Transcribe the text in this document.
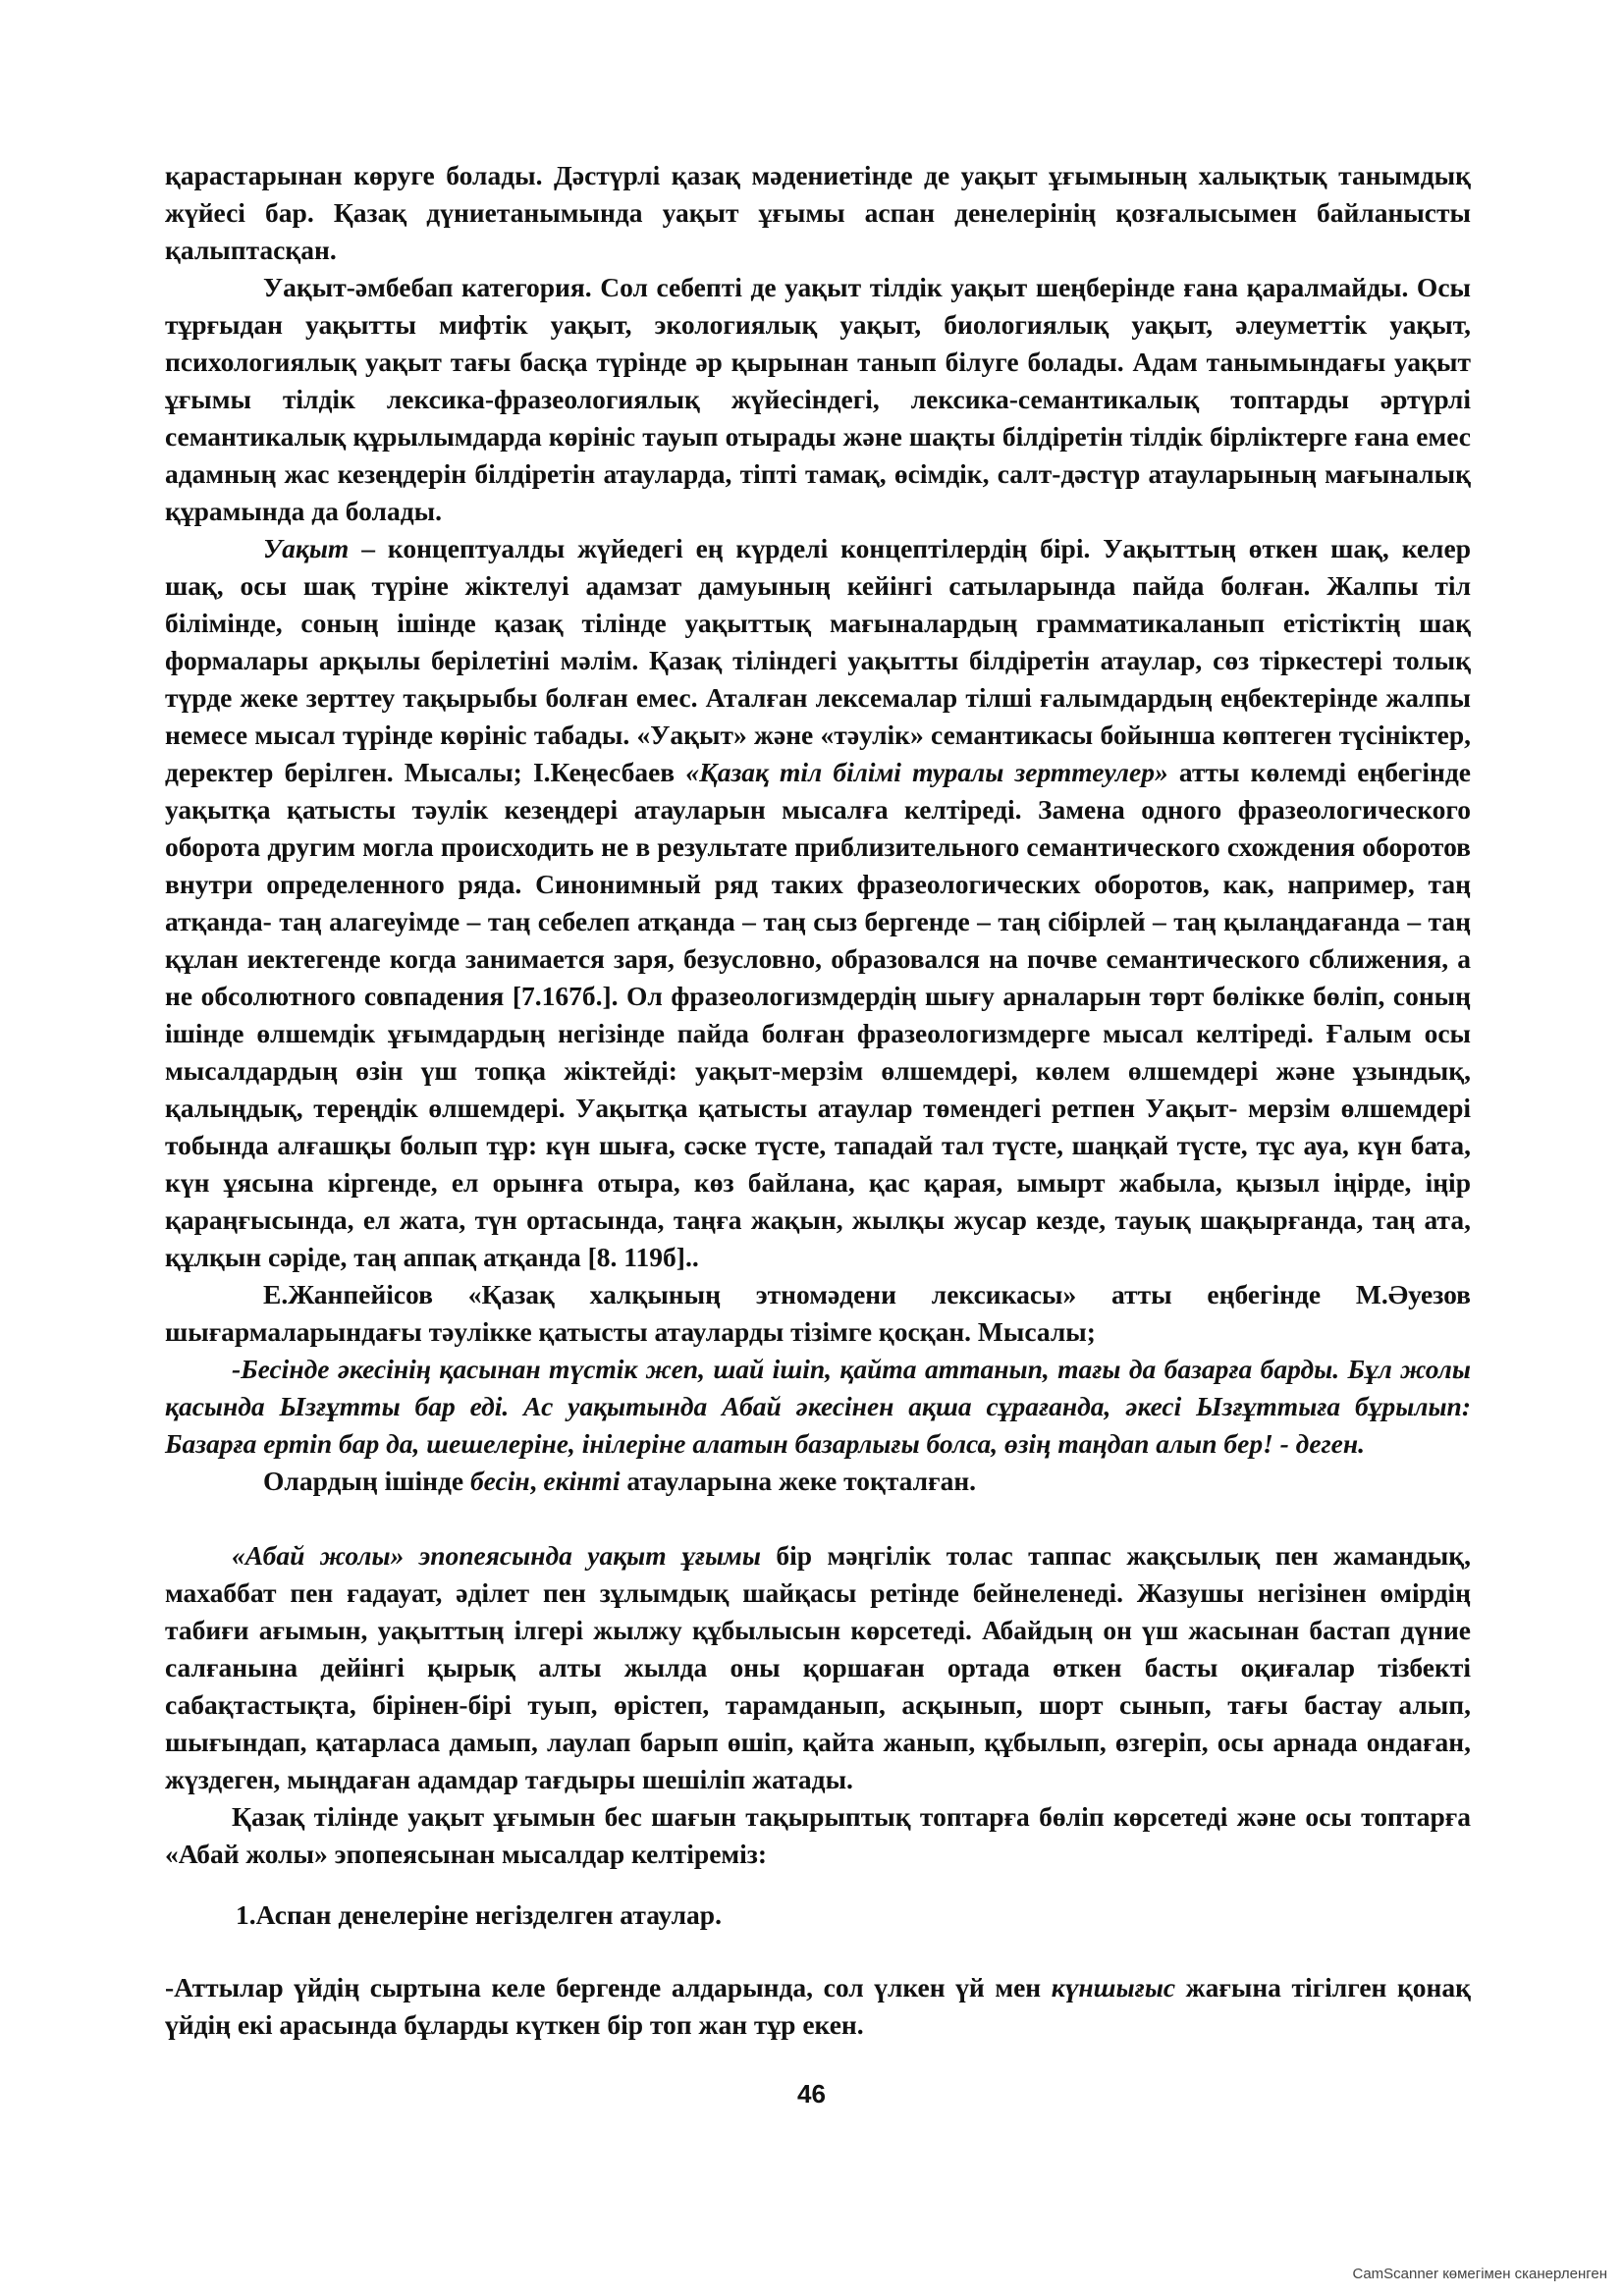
қарастарынан көруге болады. Дәстүрлі қазақ мәдениетінде де уақыт ұғымының халықтық танымдық жүйесі бар. Қазақ дүниетанымында уақыт ұғымы аспан денелерінің қозғалысымен байланысты қалыптасқан.

Уақыт-әмбебап категория. Сол себепті де уақыт тілдік уақыт шеңберінде ғана қаралмайды. Осы тұрғыдан уақытты мифтік уақыт, экологиялық уақыт, биологиялық уақыт, әлеуметтік уақыт, психологиялық уақыт тағы басқа түрінде әр қырынан танып білуге болады. Адам танымындағы уақыт ұғымы тілдік лексика-фразеологиялық жүйесіндегі, лексика-семантикалық топтарды әртүрлі семантикалық құрылымдарда көрініс тауып отырады және шақты білдіретін тілдік бірліктерге ғана емес адамның жас кезеңдерін білдіретін атауларда, тіпті тамақ, өсімдік, салт-дәстүр атауларының мағыналық құрамында да болады.

Уақыт – концептуалды жүйедегі ең күрделі концептілердің бірі. Уақыттың өткен шақ, келер шақ, осы шақ түріне жіктелуі адамзат дамуының кейінгі сатыларында пайда болған. Жалпы тіл білімінде, соның ішінде қазақ тілінде уақыттық мағыналардың грамматикаланып етістіктің шақ формалары арқылы берілетіні мәлім. Қазақ тіліндегі уақытты білдіретін атаулар, сөз тіркестері толық түрде жеке зерттеу тақырыбы болған емес. Аталған лексемалар тілші ғалымдардың еңбектерінде жалпы немесе мысал түрінде көрініс табады. «Уақыт» және «тәулік» семантикасы бойынша көптеген түсініктер, деректер берілген. Мысалы; І.Кеңесбаев «Қазақ тіл білімі туралы зерттеулер» атты көлемді еңбегінде уақытқа қатысты тәулік кезеңдері атауларын мысалға келтіреді. Замена одного фразеологического оборота другим могла происходить не в результате приблизительного семантического схождения оборотов внутри определенного ряда. Синонимный ряд таких фразеологических оборотов, как, например, таң атқанда- таң алагеуімде – таң себелеп атқанда – таң сыз бергенде – таң сібірлей – таң қылаңдағанда – таң құлан иектегенде когда занимается заря, безусловно, образовался на почве семантического сближения, а не обсолютного совпадения [7.167б.]. Ол фразеологизмдердің шығу арналарын төрт бөлікке бөліп, соның ішінде өлшемдік ұғымдардың негізінде пайда болған фразеологизмдерге мысал келтіреді. Ғалым осы мысалдардың өзін үш топқа жіктейді: уақыт-мерзім өлшемдері, көлем өлшемдері және ұзындық, қалыңдық, тереңдік өлшемдері. Уақытқа қатысты атаулар төмендегі ретпен Уақыт- мерзім өлшемдері тобында алғашқы болып тұр: күн шыға, сәске түсте, тападай тал түсте, шаңқай түсте, тұс ауа, күн бата, күн ұясына кіргенде, ел орынға отыра, көз байлана, қас қарая, ымырт жабыла, қызыл іңірде, іңір қараңғысында, ел жата, түн ортасында, таңға жақын, жылқы жусар кезде, тауық шақырғанда, таң ата, құлқын сәріде, таң аппақ атқанда [8. 119б]..

Е.Жанпейісов «Қазақ халқының этномәдени лексикасы» атты еңбегінде М.Әуезов шығармаларындағы тәулікке қатысты атауларды тізімге қосқан. Мысалы;

-Бесінде әкесінің қасынан түстік жеп, шай ішіп, қайта аттанып, тағы да базарға барды. Бұл жолы қасында Ызғұтты бар еді. Ас уақытында Абай әкесінен ақша сұрағанда, әкесі Ызғұттыға бұрылып: Базарға ертіп бар да, шешелеріне, інілеріне алатын базарлығы болса, өзің таңдап алып бер! - деген.

Олардың ішінде бесін, екінті атауларына жеке тоқталған.

«Абай жолы» эпопеясында уақыт ұғымы бір мәңгілік толас таппас жақсылық пен жамандық, махаббат пен ғадауат, әділет пен зұлымдық шайқасы ретінде бейнеленеді. Жазушы негізінен өмірдің табиғи ағымын, уақыттың ілгері жылжу құбылысын көрсетеді. Абайдың он үш жасынан бастап дүние салғанына дейінгі қырық алты жылда оны қоршаған ортада өткен басты оқиғалар тізбекті сабақтастықта, бірінен-бірі туып, өрістеп, тарамданып, асқынып, шорт сынып, тағы бастау алып, шығындап, қатарласа дамып, лаулап барып өшіп, қайта жанып, құбылып, өзгеріп, осы арнада ондаған, жүздеген, мыңдаған адамдар тағдыры шешіліп жатады.

Қазақ тілінде уақыт ұғымын бес шағын тақырыптық топтарға бөліп көрсетеді және осы топтарға «Абай жолы» эпопеясынан мысалдар келтіреміз:

1.Аспан денелеріне негізделген атаулар.

-Аттылар үйдің сыртына келе бергенде алдарында, сол үлкен үй мен күншығыс жағына тігілген қонақ үйдің екі арасында бұларды күткен бір топ жан тұр екен.

46
CamScanner көмегімен сканерленген
